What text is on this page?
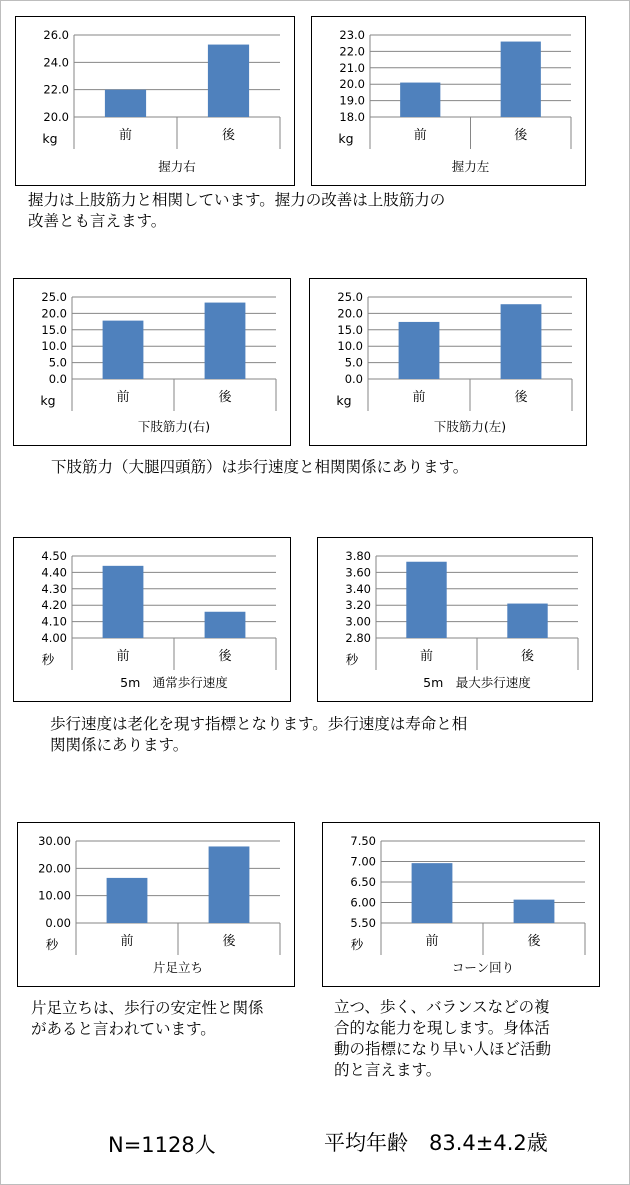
20.0
22.0
24.0
26.0
前	後
kg
握力右
18.0
19.0
20.0
21.0
22.0
23.0
前	後
kg
握力左
握力は上肢筋力と相関しています。握力の改善は上肢筋力の
改善とも言えます。
0.0
5.0
10.0
15.0
20.0
25.0
前	後
kg
下肢筋力(右)
0.0
5.0
10.0
15.0
20.0
25.0
前	後
kg
下肢筋力(左)
下肢筋力（大腿四頭筋）は歩行速度と相関関係にあります。
4.00
4.10
4.20
4.30
4.40
4.50
前	後
秒
5m　通常歩行速度
2.80
3.00
3.20
3.40
3.60
3.80
前	後
秒
5m　最大歩行速度
歩行速度は老化を現す指標となります。歩行速度は寿命と相
関関係にあります。
0.00
10.00
20.00
30.00
前	後
秒
片足立ち
5.50
6.00
6.50
7.00
7.50
前	後
秒
コーン回り
片足立ちは、歩行の安定性と関係
があると言われています。
立つ、歩く、バランスなどの複
合的な能力を現します。身体活
動の指標になり早い人ほど活動
的と言えます。
N=1128人	平均年齢　83.4±4.2歳
